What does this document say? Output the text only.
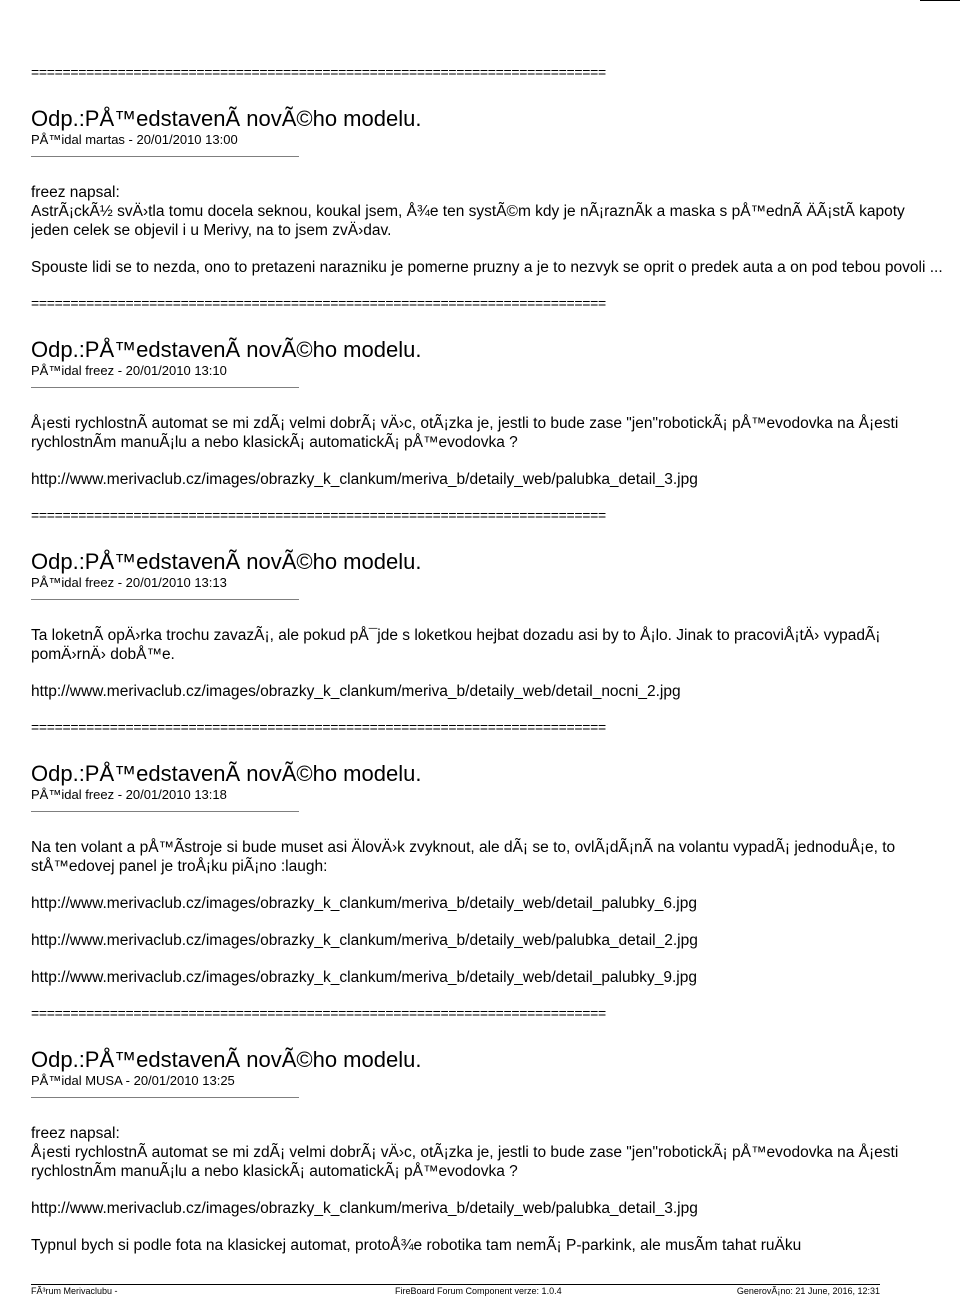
=========================================================================
Odp.:PÅ™edstavenÃ novÃ©ho modelu.
PÅ™idal martas - 20/01/2010 13:00
freez napsal:
AstrÃ¡ckÃ½ svÄ›tla tomu docela seknou, koukal jsem, Å¾e ten systÃ©m kdy je nÃ¡raznÃk a maska s pÅ™ednÃ ÄÃ¡stÃ kapoty
jeden celek se objevil i u Merivy, na to jsem zvÄ›dav.
Spouste lidi se to nezda, ono to pretazeni narazniku je pomerne pruzny a je to nezvyk se oprit o predek auta a on pod tebou povoli ...
=========================================================================
Odp.:PÅ™edstavenÃ novÃ©ho modelu.
PÅ™idal freez - 20/01/2010 13:10
Å¡esti rychlostnÃ automat se mi zdÃ¡ velmi dobrÃ¡ vÄ›c, otÃ¡zka je, jestli to bude zase "jen"robotickÃ¡ pÅ™evodovka na Å¡esti
rychlostnÃm manuÃ¡lu a nebo klasickÃ¡ automatickÃ¡ pÅ™evodovka ?
http://www.merivaclub.cz/images/obrazky_k_clankum/meriva_b/detaily_web/palubka_detail_3.jpg
=========================================================================
Odp.:PÅ™edstavenÃ novÃ©ho modelu.
PÅ™idal freez - 20/01/2010 13:13
Ta loketnÃ opÄ›rka trochu zavazÃ¡, ale pokud pÅ¯jde s loketkou hejbat dozadu asi by to Å¡lo. Jinak to pracoviÅ¡tÄ› vypadÃ¡
pomÄ›rnÄ› dobÅ™e.
http://www.merivaclub.cz/images/obrazky_k_clankum/meriva_b/detaily_web/detail_nocni_2.jpg
=========================================================================
Odp.:PÅ™edstavenÃ novÃ©ho modelu.
PÅ™idal freez - 20/01/2010 13:18
Na ten volant a pÅ™Ãstroje si bude muset asi ÄlovÄ›k zvyknout, ale dÃ¡ se to, ovlÃ¡dÃ¡nÃ na volantu vypadÃ¡ jednoduÅ¡e, to
stÅ™edovej panel je troÅ¡ku piÃ¡no :laugh:
http://www.merivaclub.cz/images/obrazky_k_clankum/meriva_b/detaily_web/detail_palubky_6.jpg
http://www.merivaclub.cz/images/obrazky_k_clankum/meriva_b/detaily_web/palubka_detail_2.jpg
http://www.merivaclub.cz/images/obrazky_k_clankum/meriva_b/detaily_web/detail_palubky_9.jpg
=========================================================================
Odp.:PÅ™edstavenÃ novÃ©ho modelu.
PÅ™idal MUSA - 20/01/2010 13:25
freez napsal:
Å¡esti rychlostnÃ automat se mi zdÃ¡ velmi dobrÃ¡ vÄ›c, otÃ¡zka je, jestli to bude zase "jen"robotickÃ¡ pÅ™evodovka na Å¡esti
rychlostnÃm manuÃ¡lu a nebo klasickÃ¡ automatickÃ¡ pÅ™evodovka ?
http://www.merivaclub.cz/images/obrazky_k_clankum/meriva_b/detaily_web/palubka_detail_3.jpg
Typnul bych si podle fota na klasickej automat, protoÅ¾e robotika tam nemÃ¡ P-parkink, ale musÃm tahat ruÄku
FÃ³rum Merivaclubu -	FireBoard Forum Component verze: 1.0.4	GenerovÃ¡no: 21 June, 2016, 12:31
